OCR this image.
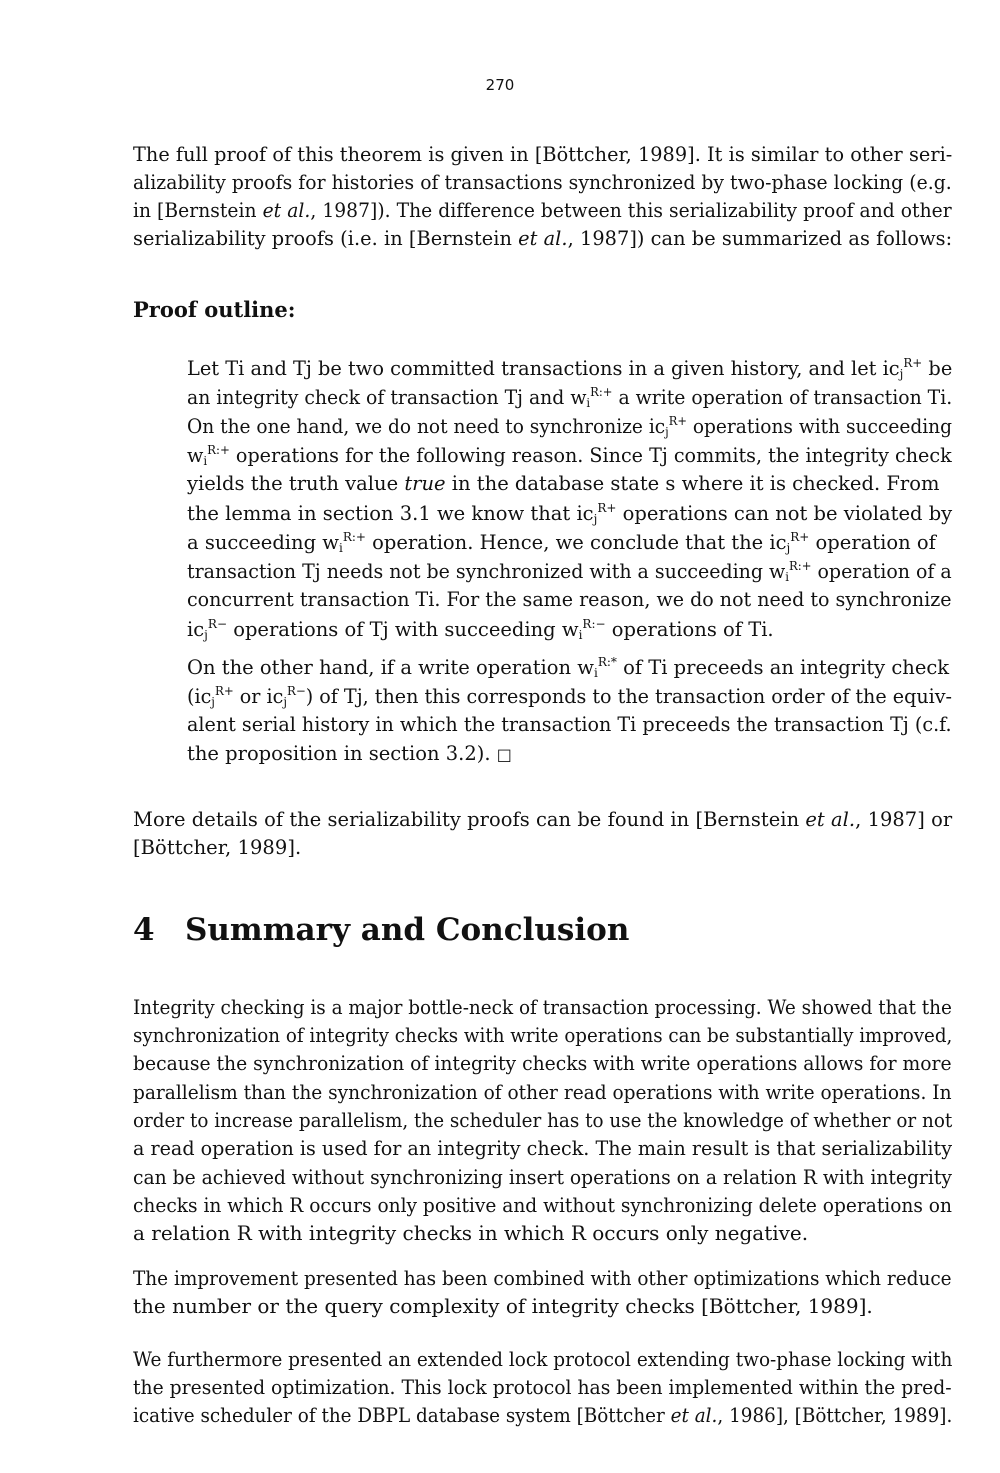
270
The full proof of this theorem is given in [Böttcher, 1989]. It is similar to other seri-
alizability proofs for histories of transactions synchronized by two-phase locking (e.g.
in [Bernstein et al., 1987]). The difference between this serializability proof and other
serializability proofs (i.e. in [Bernstein et al., 1987]) can be summarized as follows:
Proof outline:
Let Ti and Tj be two committed transactions in a given history, and let $ic_j^{R+}$ be
an integrity check of transaction Tj and $w_i^{R:+}$ a write operation of transaction Ti.
On the one hand, we do not need to synchronize $ic_j^{R+}$ operations with succeeding
$w_i^{R:+}$ operations for the following reason. Since Tj commits, the integrity check
yields the truth value true in the database state s where it is checked. From
the lemma in section 3.1 we know that $ic_j^{R+}$ operations can not be violated by
a succeeding $w_i^{R:+}$ operation. Hence, we conclude that the $ic_j^{R+}$ operation of
transaction Tj needs not be synchronized with a succeeding $w_i^{R:+}$ operation of a
concurrent transaction Ti. For the same reason, we do not need to synchronize
$ic_j^{R-}$ operations of Tj with succeeding $w_i^{R:-}$ operations of Ti.
On the other hand, if a write operation $w_i^{R:*}$ of Ti preceeds an integrity check
($ic_j^{R+}$ or $ic_j^{R-}$) of Tj, then this corresponds to the transaction order of the equiv-
alent serial history in which the transaction Ti preceeds the transaction Tj (c.f.
the proposition in section 3.2). □
More details of the serializability proofs can be found in [Bernstein et al., 1987] or
[Böttcher, 1989].
4 Summary and Conclusion
Integrity checking is a major bottle-neck of transaction processing. We showed that the
synchronization of integrity checks with write operations can be substantially improved,
because the synchronization of integrity checks with write operations allows for more
parallelism than the synchronization of other read operations with write operations. In
order to increase parallelism, the scheduler has to use the knowledge of whether or not
a read operation is used for an integrity check. The main result is that serializability
can be achieved without synchronizing insert operations on a relation R with integrity
checks in which R occurs only positive and without synchronizing delete operations on
a relation R with integrity checks in which R occurs only negative.
The improvement presented has been combined with other optimizations which reduce
the number or the query complexity of integrity checks [Böttcher, 1989].
We furthermore presented an extended lock protocol extending two-phase locking with
the presented optimization. This lock protocol has been implemented within the pred-
icative scheduler of the DBPL database system [Böttcher et al., 1986], [Böttcher, 1989].
